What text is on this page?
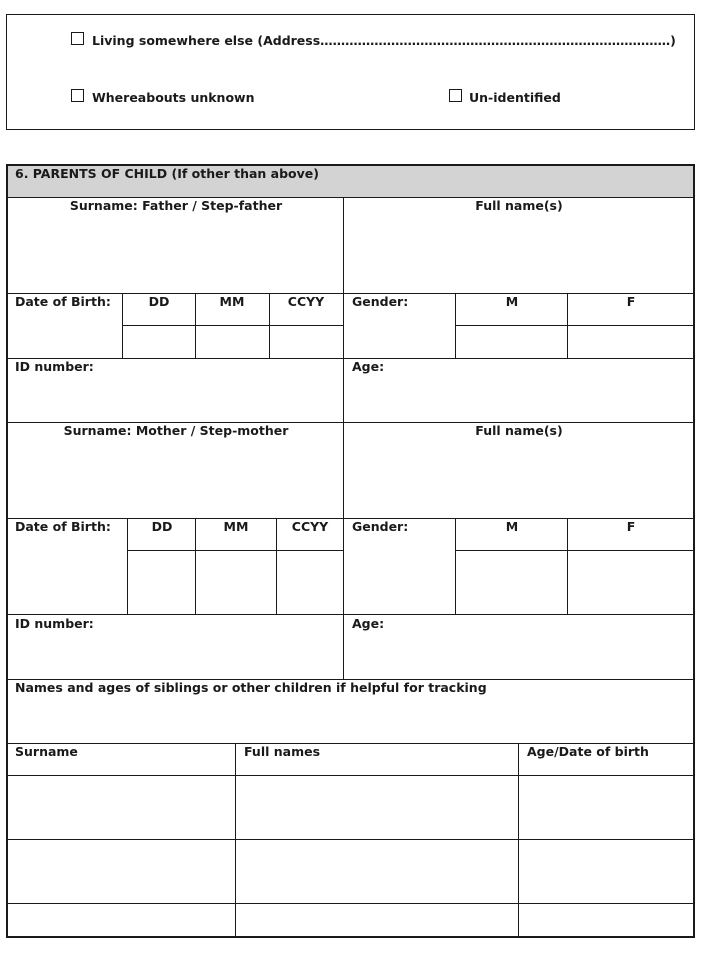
Living somewhere else (Address…………………………………………………………………………)
Whereabouts unknown	Un-identified
6. PARENTS OF CHILD (If other than above)
Surname: Father / Step-father	Full name(s)
Date of Birth:	DD	MM	CCYY Gender:	M	F
ID number:	Age:
Surname: Mother / Step-mother	Full name(s)
Date of Birth:	DD	MM	CCYY Gender:	M	F
ID number:	Age:
Names and ages of siblings or other children if helpful for tracking
Surname	Full names	Age/Date of birth
